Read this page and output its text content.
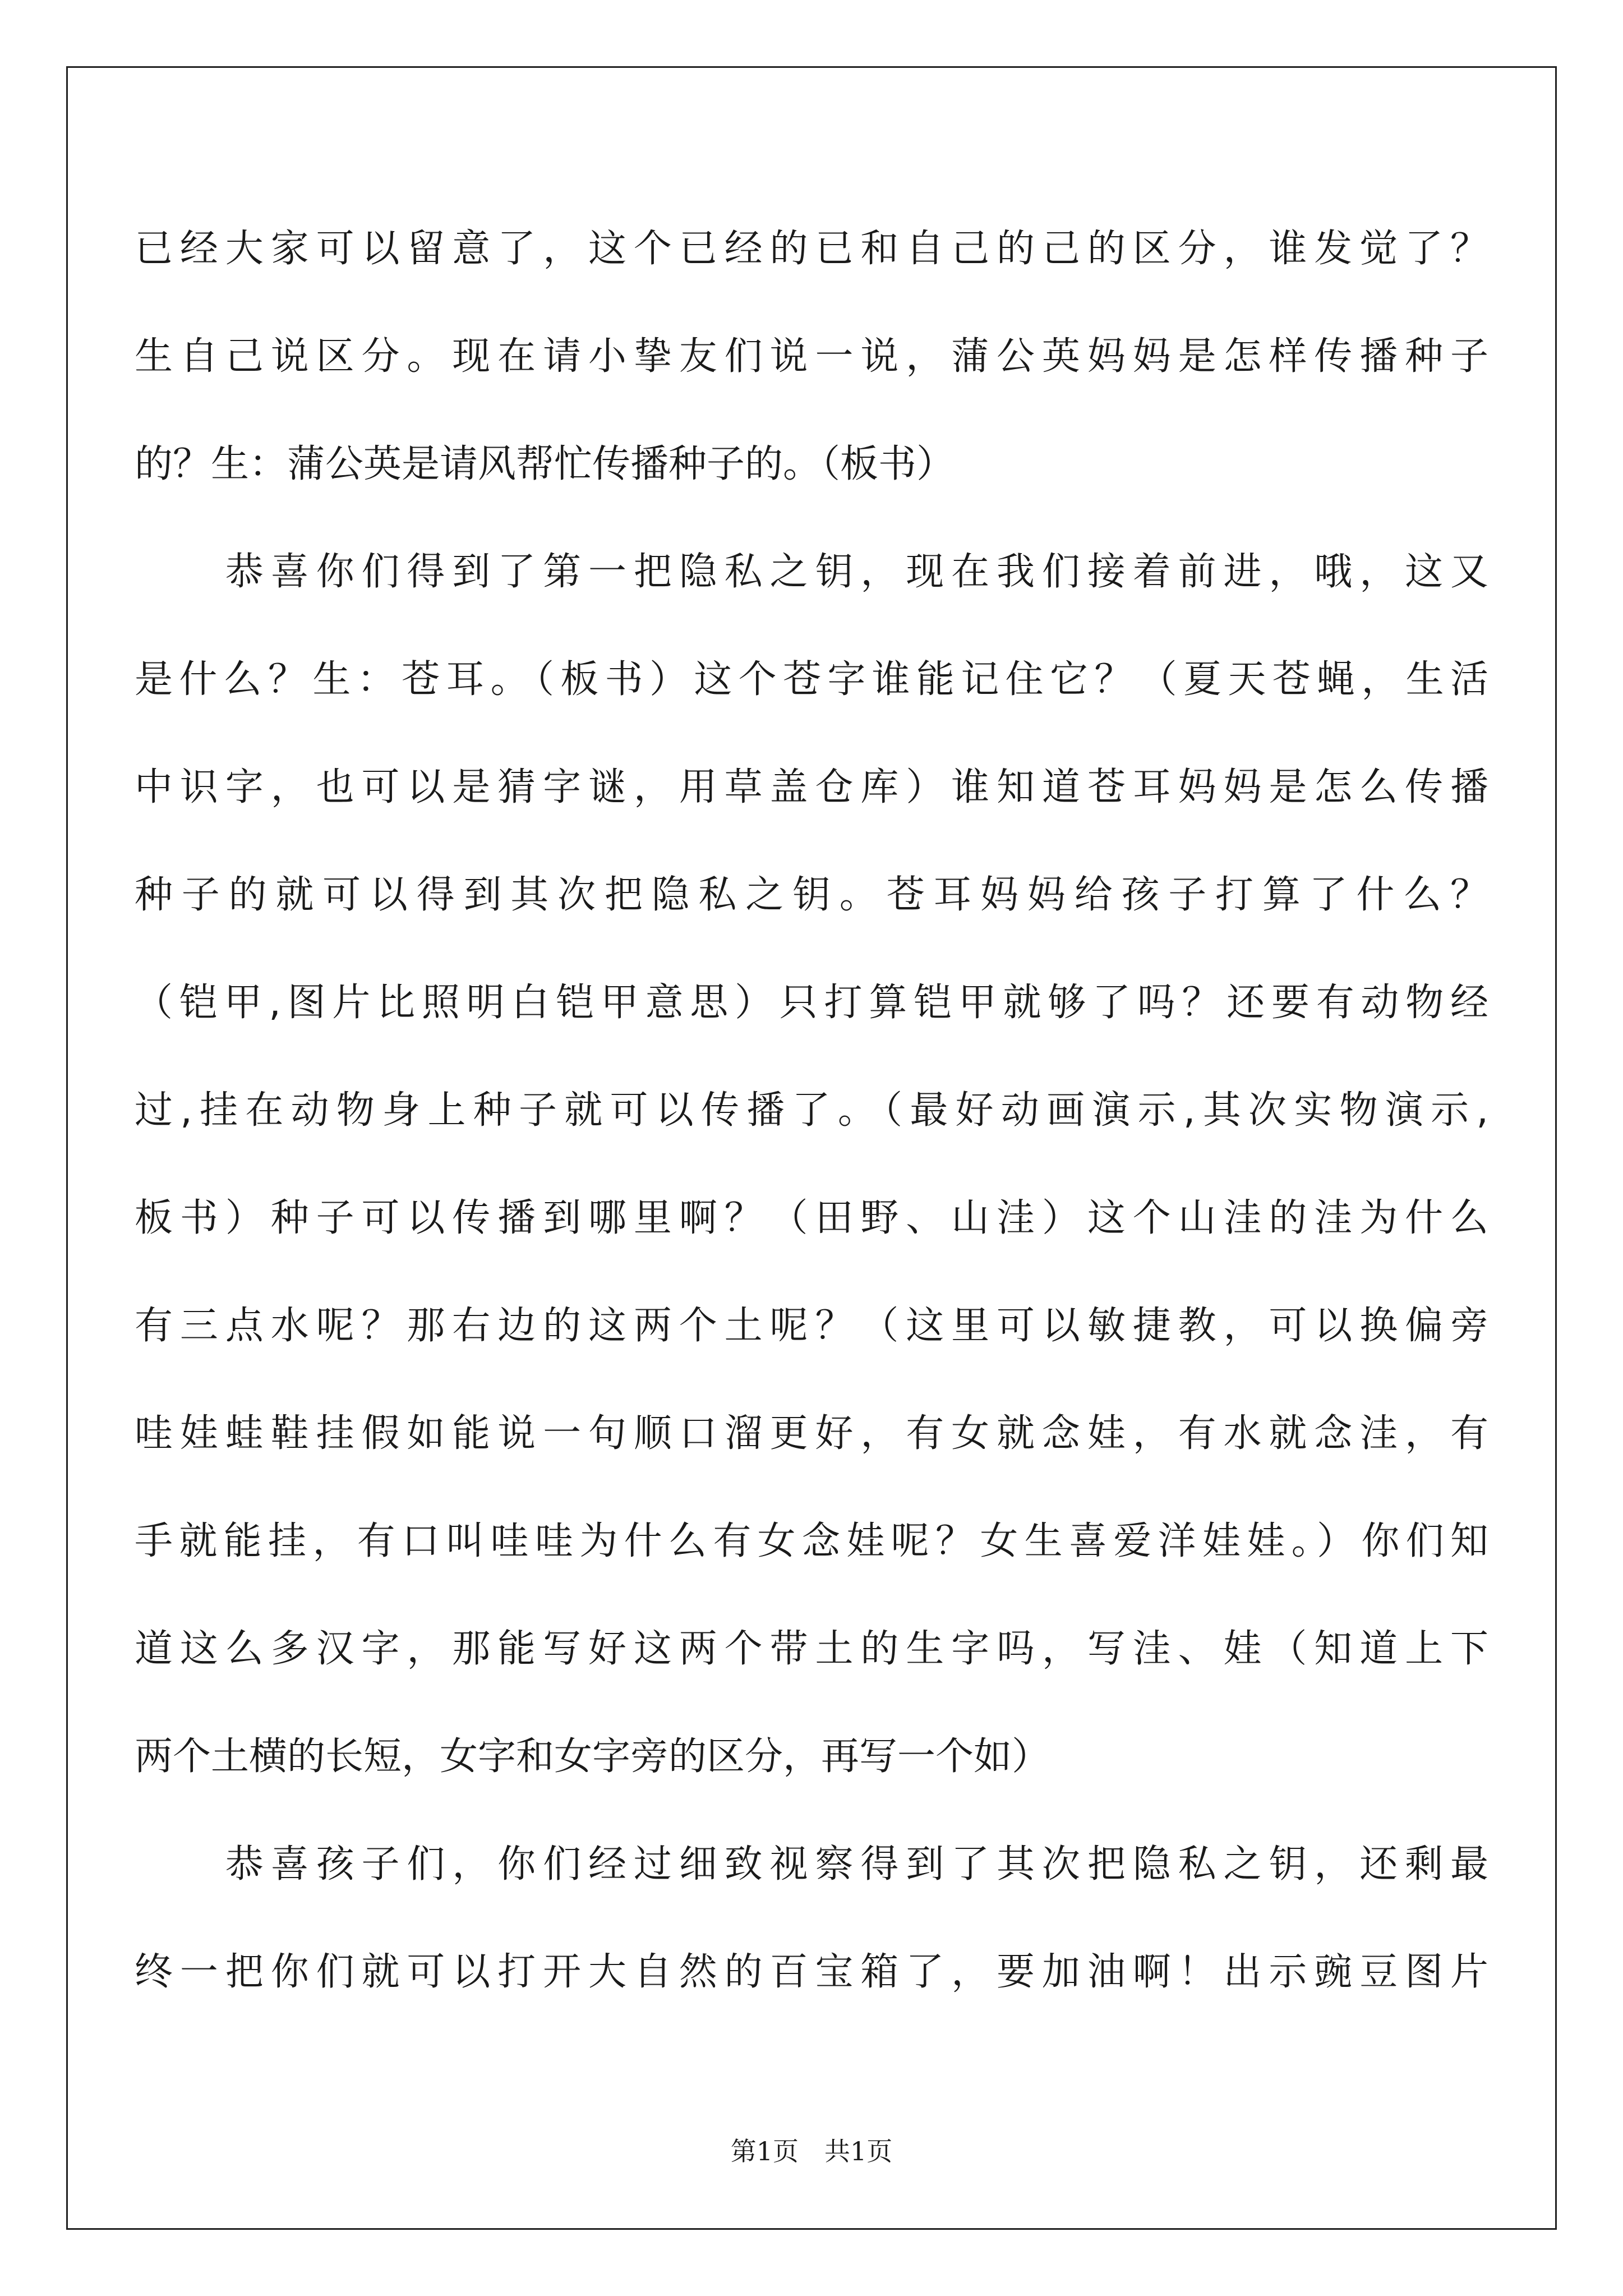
已经大家可以留意了，这个已经的已和自己的己的区分，谁发觉了？
生自己说区分。现在请小挚友们说一说，蒲公英妈妈是怎样传播种子
的？生：蒲公英是请风帮忙传播种子的。（板书）
　　恭喜你们得到了第一把隐私之钥，现在我们接着前进，哦，这又
是什么？生：苍耳。（板书）这个苍字谁能记住它？（夏天苍蝇，生活
中识字，也可以是猜字谜，用草盖仓库）谁知道苍耳妈妈是怎么传播
种子的就可以得到其次把隐私之钥。苍耳妈妈给孩子打算了什么？
（铠甲,图片比照明白铠甲意思）只打算铠甲就够了吗？还要有动物经
过,挂在动物身上种子就可以传播了。（最好动画演示,其次实物演示,
板书）种子可以传播到哪里啊？（田野、山洼）这个山洼的洼为什么
有三点水呢？那右边的这两个土呢？（这里可以敏捷教，可以换偏旁
哇娃蛙鞋挂假如能说一句顺口溜更好，有女就念娃，有水就念洼，有
手就能挂，有口叫哇哇为什么有女念娃呢？女生喜爱洋娃娃。）你们知
道这么多汉字，那能写好这两个带土的生字吗，写洼、娃（知道上下
两个土横的长短，女字和女字旁的区分，再写一个如）
　　恭喜孩子们，你们经过细致视察得到了其次把隐私之钥，还剩最
终一把你们就可以打开大自然的百宝箱了，要加油啊！出示豌豆图片
第1页　共1页
